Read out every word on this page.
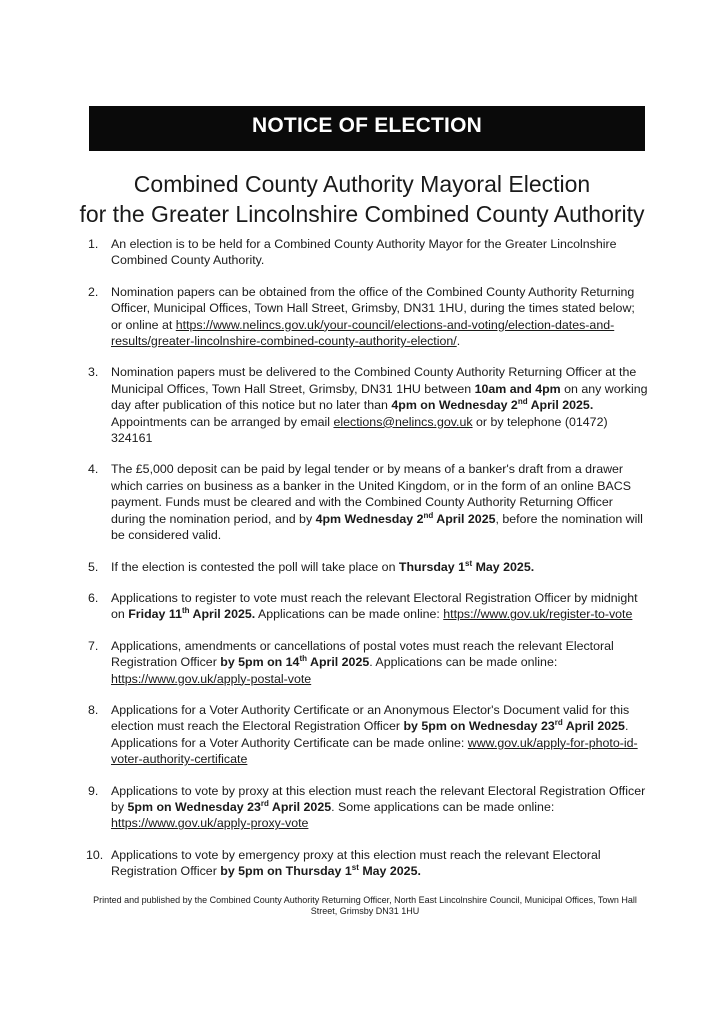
NOTICE OF ELECTION
Combined County Authority Mayoral Election
for the Greater Lincolnshire Combined County Authority
1. An election is to be held for a Combined County Authority Mayor for the Greater Lincolnshire Combined County Authority.
2. Nomination papers can be obtained from the office of the Combined County Authority Returning Officer, Municipal Offices, Town Hall Street, Grimsby, DN31 1HU, during the times stated below; or online at https://www.nelincs.gov.uk/your-council/elections-and-voting/election-dates-and-results/greater-lincolnshire-combined-county-authority-election/.
3. Nomination papers must be delivered to the Combined County Authority Returning Officer at the Municipal Offices, Town Hall Street, Grimsby, DN31 1HU between 10am and 4pm on any working day after publication of this notice but no later than 4pm on Wednesday 2nd April 2025. Appointments can be arranged by email elections@nelincs.gov.uk or by telephone (01472) 324161
4. The £5,000 deposit can be paid by legal tender or by means of a banker's draft from a drawer which carries on business as a banker in the United Kingdom, or in the form of an online BACS payment. Funds must be cleared and with the Combined County Authority Returning Officer during the nomination period, and by 4pm Wednesday 2nd April 2025, before the nomination will be considered valid.
5. If the election is contested the poll will take place on Thursday 1st May 2025.
6. Applications to register to vote must reach the relevant Electoral Registration Officer by midnight on Friday 11th April 2025. Applications can be made online: https://www.gov.uk/register-to-vote
7. Applications, amendments or cancellations of postal votes must reach the relevant Electoral Registration Officer by 5pm on 14th April 2025. Applications can be made online: https://www.gov.uk/apply-postal-vote
8. Applications for a Voter Authority Certificate or an Anonymous Elector's Document valid for this election must reach the Electoral Registration Officer by 5pm on Wednesday 23rd April 2025. Applications for a Voter Authority Certificate can be made online: www.gov.uk/apply-for-photo-id-voter-authority-certificate
9. Applications to vote by proxy at this election must reach the relevant Electoral Registration Officer by 5pm on Wednesday 23rd April 2025. Some applications can be made online: https://www.gov.uk/apply-proxy-vote
10. Applications to vote by emergency proxy at this election must reach the relevant Electoral Registration Officer by 5pm on Thursday 1st May 2025.
Printed and published by the Combined County Authority Returning Officer, North East Lincolnshire Council, Municipal Offices, Town Hall
Street, Grimsby DN31 1HU
